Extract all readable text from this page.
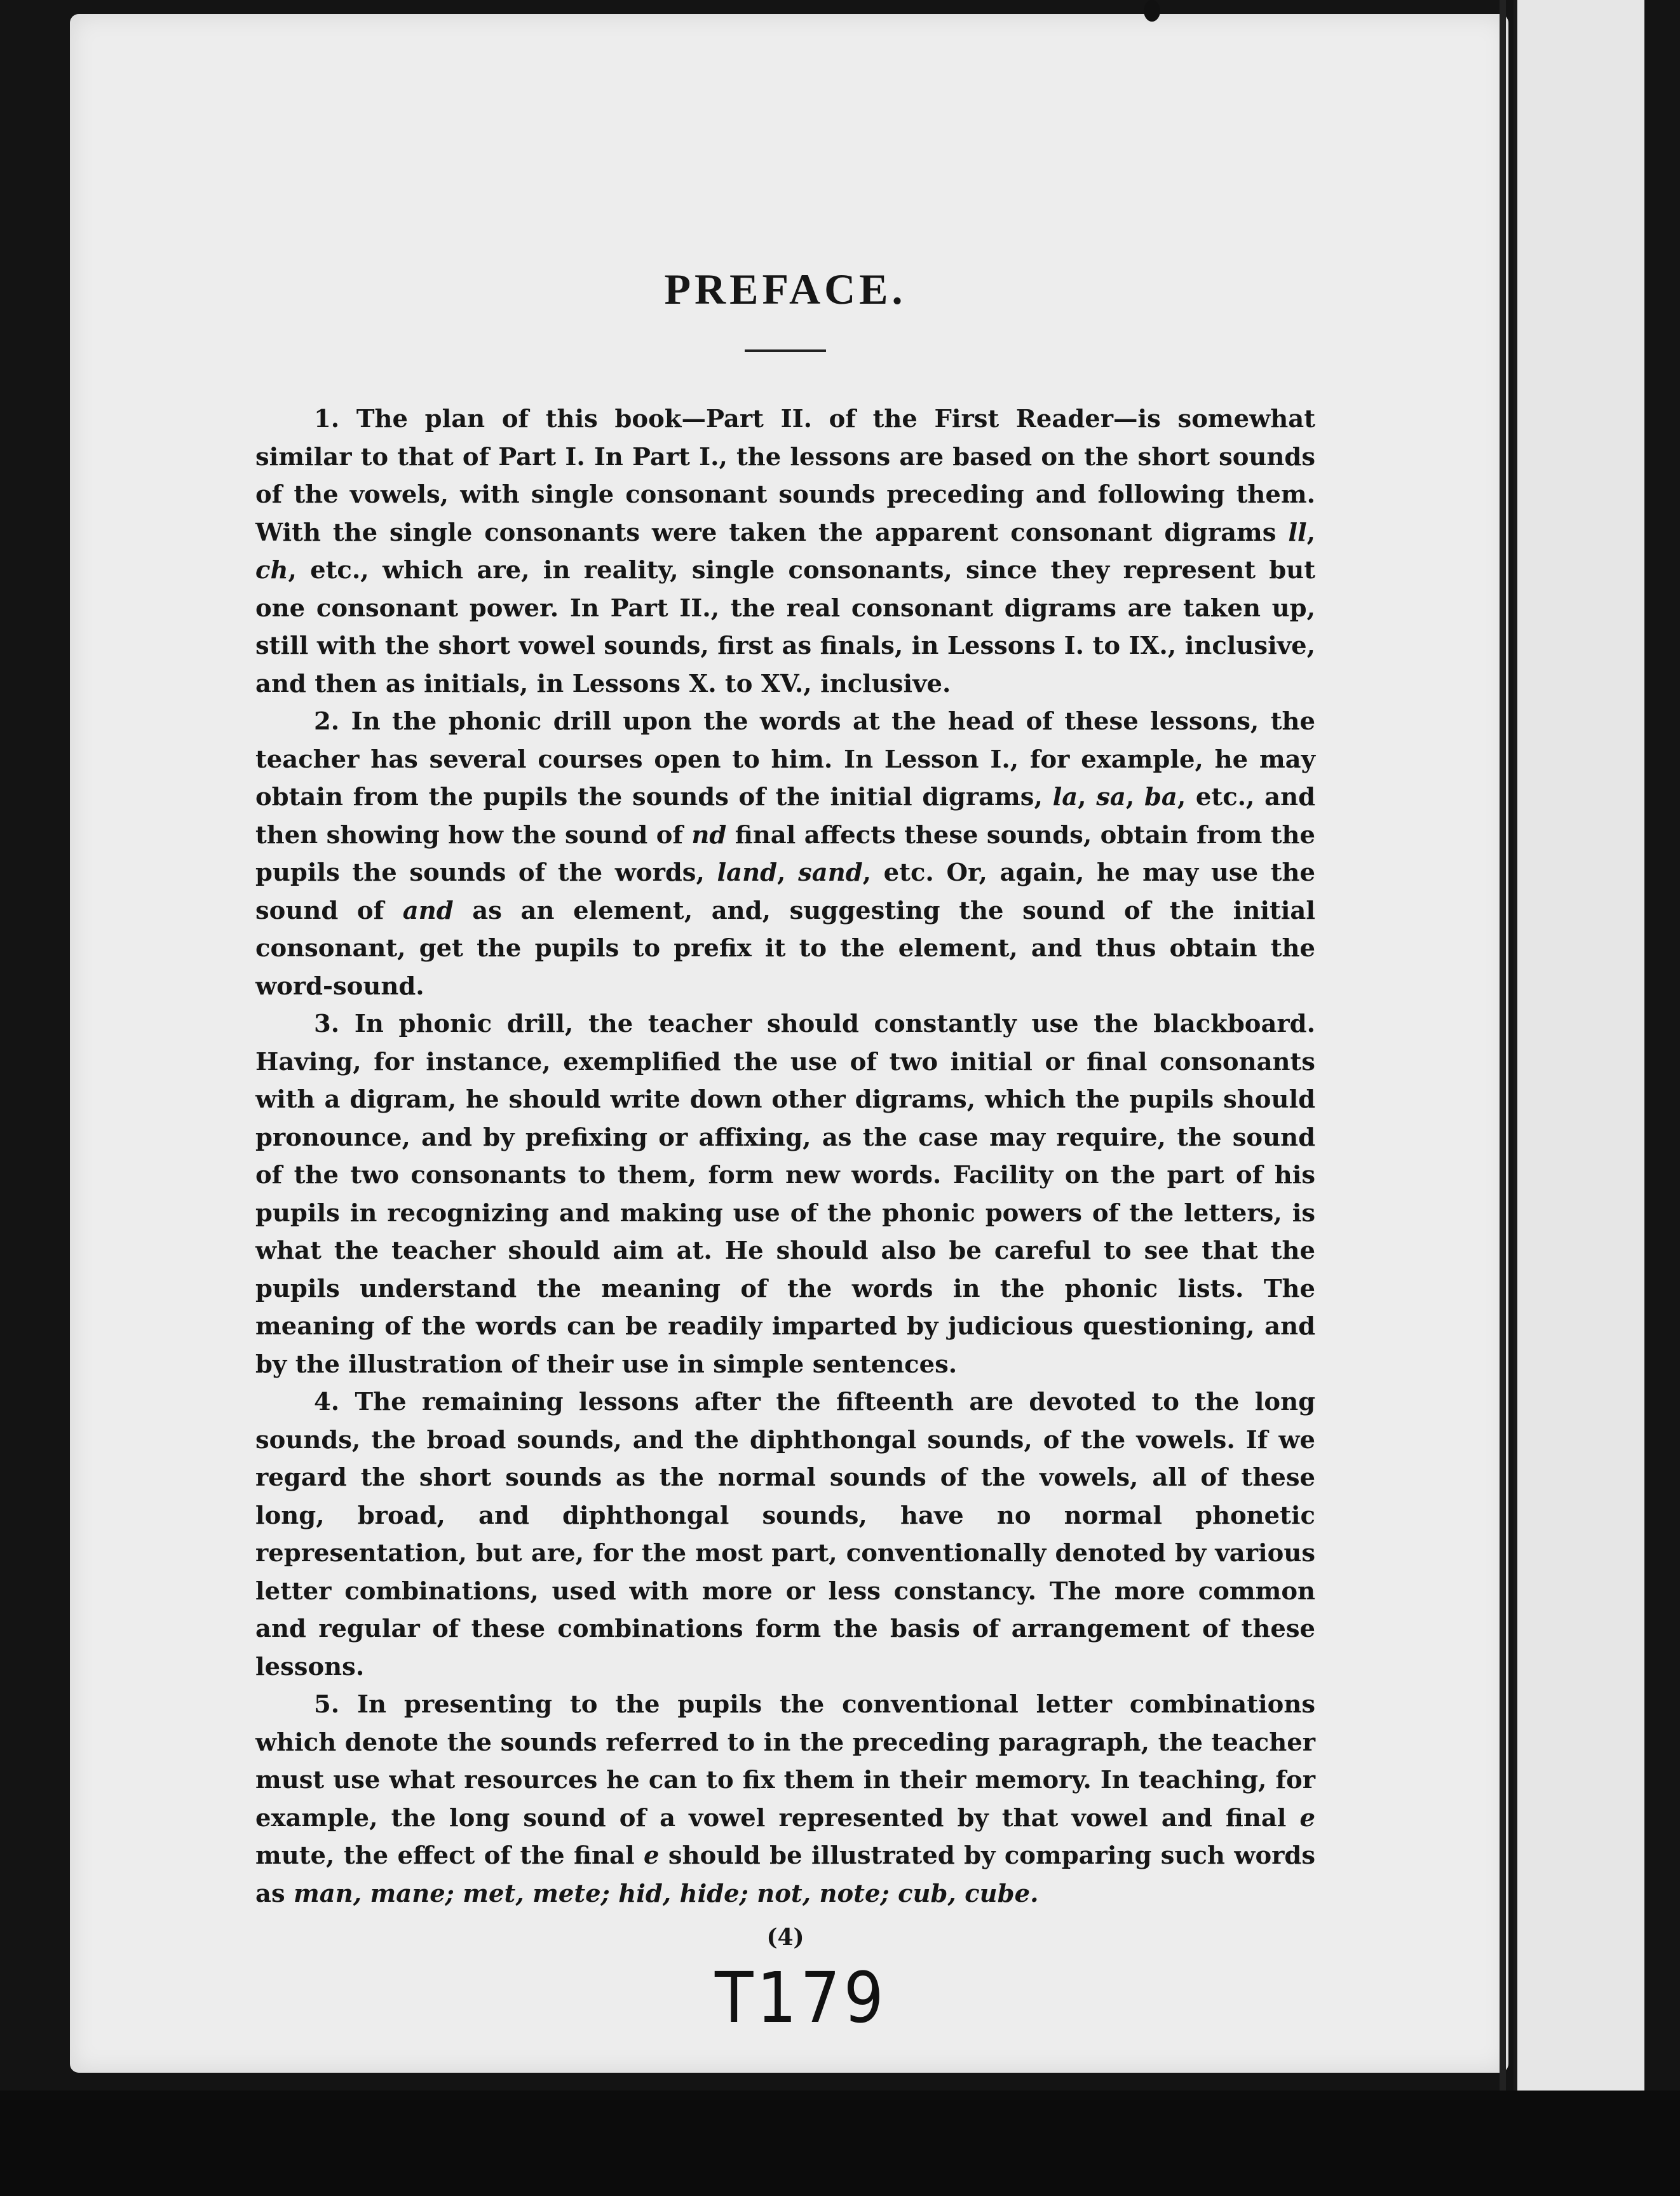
PREFACE.

1. The plan of this book—Part II. of the First Reader—is somewhat similar to that of Part I. In Part I., the lessons are based on the short sounds of the vowels, with single consonant sounds preceding and following them. With the single consonants were taken the apparent consonant digrams ll, ch, etc., which are, in reality, single consonants, since they represent but one consonant power. In Part II., the real consonant digrams are taken up, still with the short vowel sounds, first as finals, in Lessons I. to IX., inclusive, and then as initials, in Lessons X. to XV., inclusive.

2. In the phonic drill upon the words at the head of these lessons, the teacher has several courses open to him. In Lesson I., for example, he may obtain from the pupils the sounds of the initial digrams, la, sa, ba, etc., and then showing how the sound of nd final affects these sounds, obtain from the pupils the sounds of the words, land, sand, etc. Or, again, he may use the sound of and as an element, and, suggesting the sound of the initial consonant, get the pupils to prefix it to the element, and thus obtain the word-sound.

3. In phonic drill, the teacher should constantly use the blackboard. Having, for instance, exemplified the use of two initial or final consonants with a digram, he should write down other digrams, which the pupils should pronounce, and by prefixing or affixing, as the case may require, the sound of the two consonants to them, form new words. Facility on the part of his pupils in recognizing and making use of the phonic powers of the letters, is what the teacher should aim at. He should also be careful to see that the pupils understand the meaning of the words in the phonic lists. The meaning of the words can be readily imparted by judicious questioning, and by the illustration of their use in simple sentences.

4. The remaining lessons after the fifteenth are devoted to the long sounds, the broad sounds, and the diphthongal sounds, of the vowels. If we regard the short sounds as the normal sounds of the vowels, all of these long, broad, and diphthongal sounds, have no normal phonetic representation, but are, for the most part, conventionally denoted by various letter combinations, used with more or less constancy. The more common and regular of these combinations form the basis of arrangement of these lessons.

5. In presenting to the pupils the conventional letter combinations which denote the sounds referred to in the preceding paragraph, the teacher must use what resources he can to fix them in their memory. In teaching, for example, the long sound of a vowel represented by that vowel and final e mute, the effect of the final e should be illustrated by comparing such words as man, mane; met, mete; hid, hide; not, note; cub, cube.

(4)
T179
